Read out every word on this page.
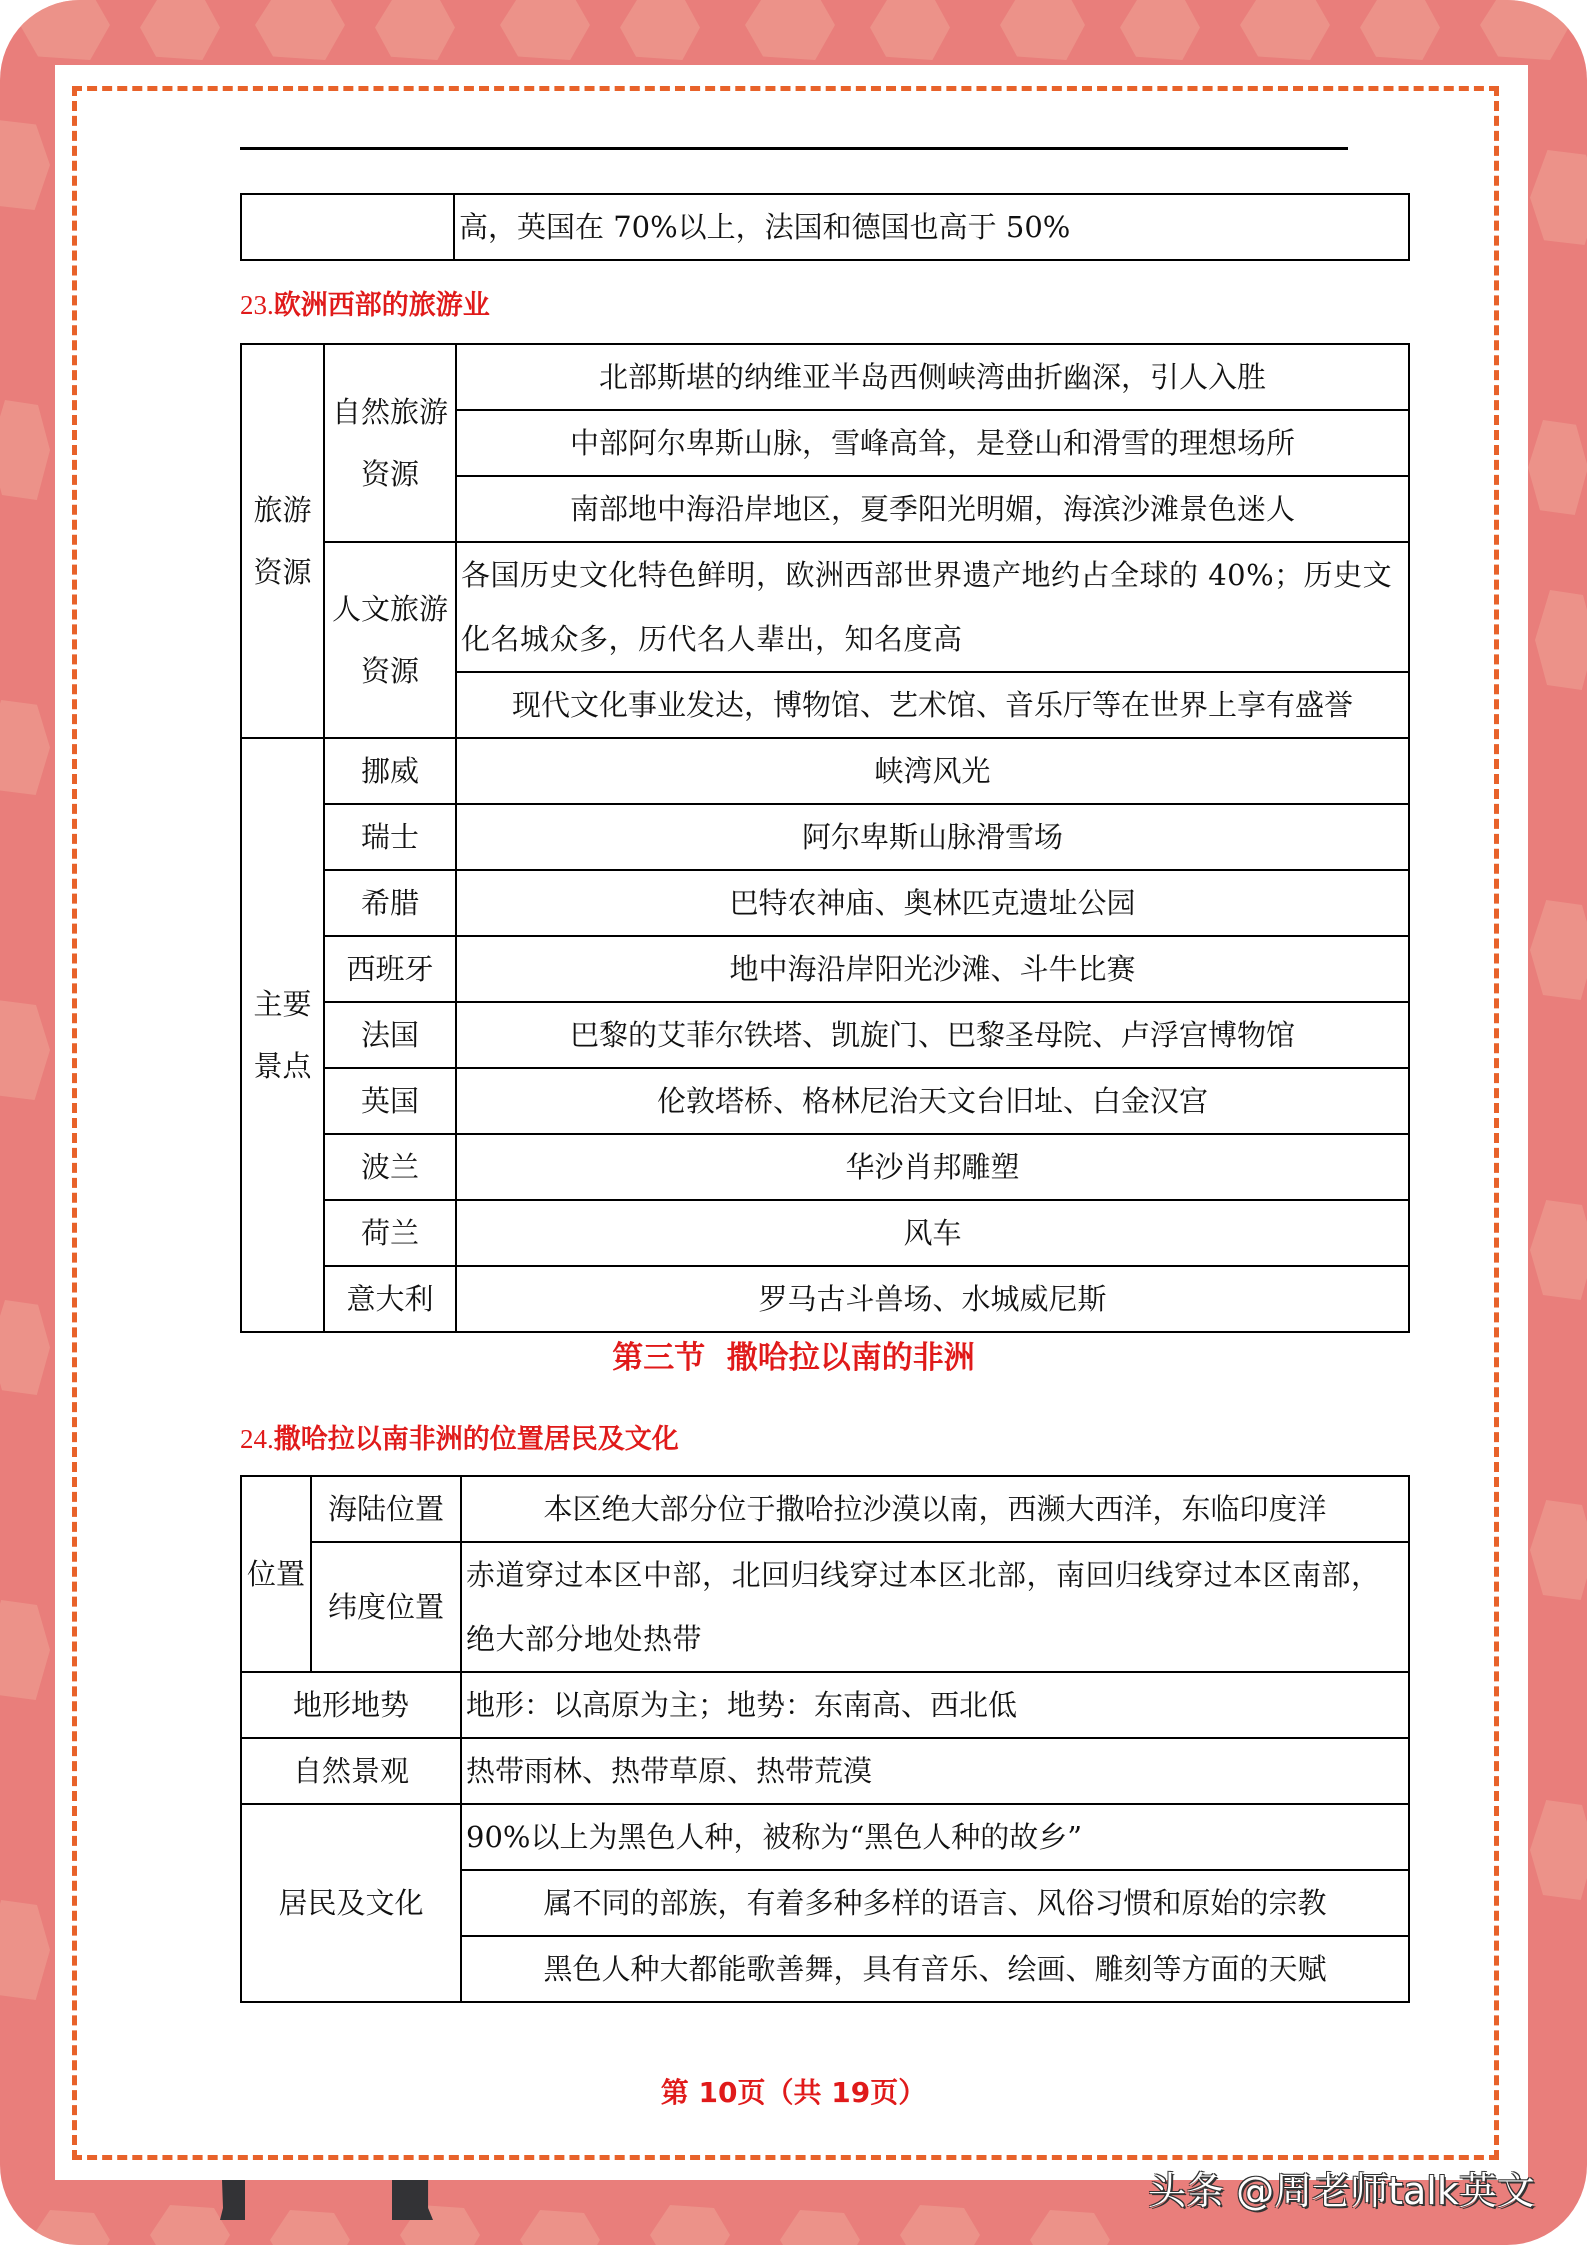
	高，英国在 70%以上，法国和德国也高于 50%
23.欧洲西部的旅游业
旅游资源	自然旅游资源	北部斯堪的纳维亚半岛西侧峡湾曲折幽深，引人入胜
		中部阿尔卑斯山脉，雪峰高耸，是登山和滑雪的理想场所
		南部地中海沿岸地区，夏季阳光明媚，海滨沙滩景色迷人
	人文旅游资源	各国历史文化特色鲜明，欧洲西部世界遗产地约占全球的 40%；历史文化名城众多，历代名人辈出，知名度高
		现代文化事业发达，博物馆、艺术馆、音乐厅等在世界上享有盛誉
主要景点	挪威	峡湾风光
	瑞士	阿尔卑斯山脉滑雪场
	希腊	巴特农神庙、奥林匹克遗址公园
	西班牙	地中海沿岸阳光沙滩、斗牛比赛
	法国	巴黎的艾菲尔铁塔、凯旋门、巴黎圣母院、卢浮宫博物馆
	英国	伦敦塔桥、格林尼治天文台旧址、白金汉宫
	波兰	华沙肖邦雕塑
	荷兰	风车
	意大利	罗马古斗兽场、水城威尼斯
第三节  撒哈拉以南的非洲
24.撒哈拉以南非洲的位置居民及文化
位置	海陆位置	本区绝大部分位于撒哈拉沙漠以南，西濒大西洋，东临印度洋
	纬度位置	赤道穿过本区中部，北回归线穿过本区北部，南回归线穿过本区南部，绝大部分地处热带
地形地势		地形：以高原为主；地势：东南高、西北低
自然景观		热带雨林、热带草原、热带荒漠
居民及文化		90%以上为黑色人种，被称为“黑色人种的故乡”
		属不同的部族，有着多种多样的语言、风俗习惯和原始的宗教
		黑色人种大都能歌善舞，具有音乐、绘画、雕刻等方面的天赋
第 10页（共 19页）
头条 @周老师talk英文
